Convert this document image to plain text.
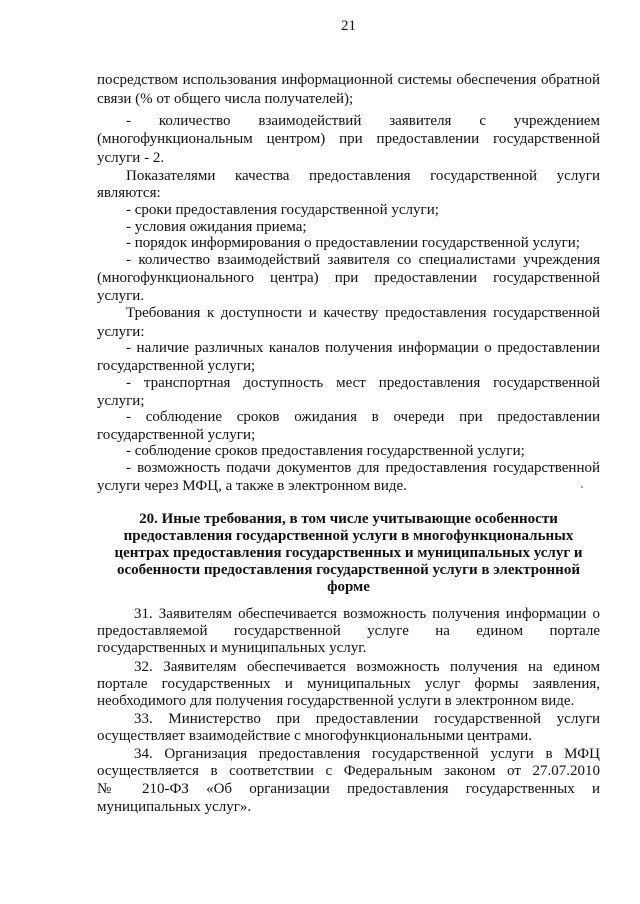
21
посредством использования информационной системы обеспечения обратной
связи (% от общего числа получателей);
- количество взаимодействий заявителя с учреждением
(многофункциональным центром) при предоставлении государственной
услуги - 2.
Показателями качества предоставления государственной услуги
являются:
- сроки предоставления государственной услуги;
- условия ожидания приема;
- порядок информирования о предоставлении государственной услуги;
- количество взаимодействий заявителя со специалистами учреждения
(многофункционального центра) при предоставлении государственной
услуги.
Требования к доступности и качеству предоставления государственной
услуги:
- наличие различных каналов получения информации о предоставлении
государственной услуги;
- транспортная доступность мест предоставления государственной
услуги;
- соблюдение сроков ожидания в очереди при предоставлении
государственной услуги;
- соблюдение сроков предоставления государственной услуги;
- возможность подачи документов для предоставления государственной
услуги через МФЦ, а также в электронном виде.
20. Иные требования, в том числе учитывающие особенности
предоставления государственной услуги в многофункциональных
центрах предоставления государственных и муниципальных услуг и
особенности предоставления государственной услуги в электронной
форме
31. Заявителям обеспечивается возможность получения информации о
предоставляемой государственной услуге на едином портале
государственных и муниципальных услуг.
32. Заявителям обеспечивается возможность получения на едином
портале государственных и муниципальных услуг формы заявления,
необходимого для получения государственной услуги в электронном виде.
33. Министерство при предоставлении государственной услуги
осуществляет взаимодействие с многофункциональными центрами.
34. Организация предоставления государственной услуги в МФЦ
осуществляется в соответствии с Федеральным законом от 27.07.2010
№ 210-ФЗ «Об организации предоставления государственных и
муниципальных услуг».
